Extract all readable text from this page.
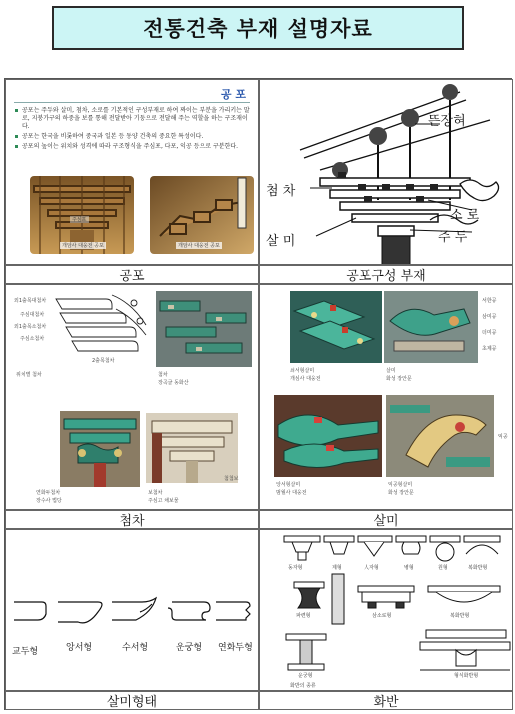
전통건축 부재 설명자료
공 포
공포는 주두와 살미, 첨차, 소로를 기본적인 구성부재로 하여 짜이는 부분을 가리키는 말로, 지붕가구의 하중을 보를 통해 전달받아 기둥으로 전달해 주는 역할을 하는 구조재이다.
공포는 한국을 비롯하여 중국과 일본 등 동양 건축의 중요한 특성이다.
공포의 높이는 위치와 성격에 따라 구조형식을 주심포, 다포, 익공 등으로 구분한다.
주심포
개암사 대웅전 공포	개암사 대웅전 공포
뜬장혀
첨 차
소 로
살 미	주 두
공포	공포구성 부재
외1출목대첨차
주심대첨차
외1출목소첨차
주심소첨차
2출목첨차
위치별 첨차	첨차
장곡굴 동화산
연화두첨차
장수사 법당
보첨차
주심고 채보물
첨첩보
쇠서형살미
개심사 대웅전
살미
화성 장안문
서한공
삼미공
더미공
초제공
앙서형살미
범월사 대웅전
익공형살미
화성 장안문
익공
첨차	살미
교두형	앙서형	수서형	운궁형 연화두형
동자형	제형	人자형	병형	원형	복화반형
파련형	삼소로형	복화반형
운궁형
화반의 종류
형식화반형
살미형태	화반
